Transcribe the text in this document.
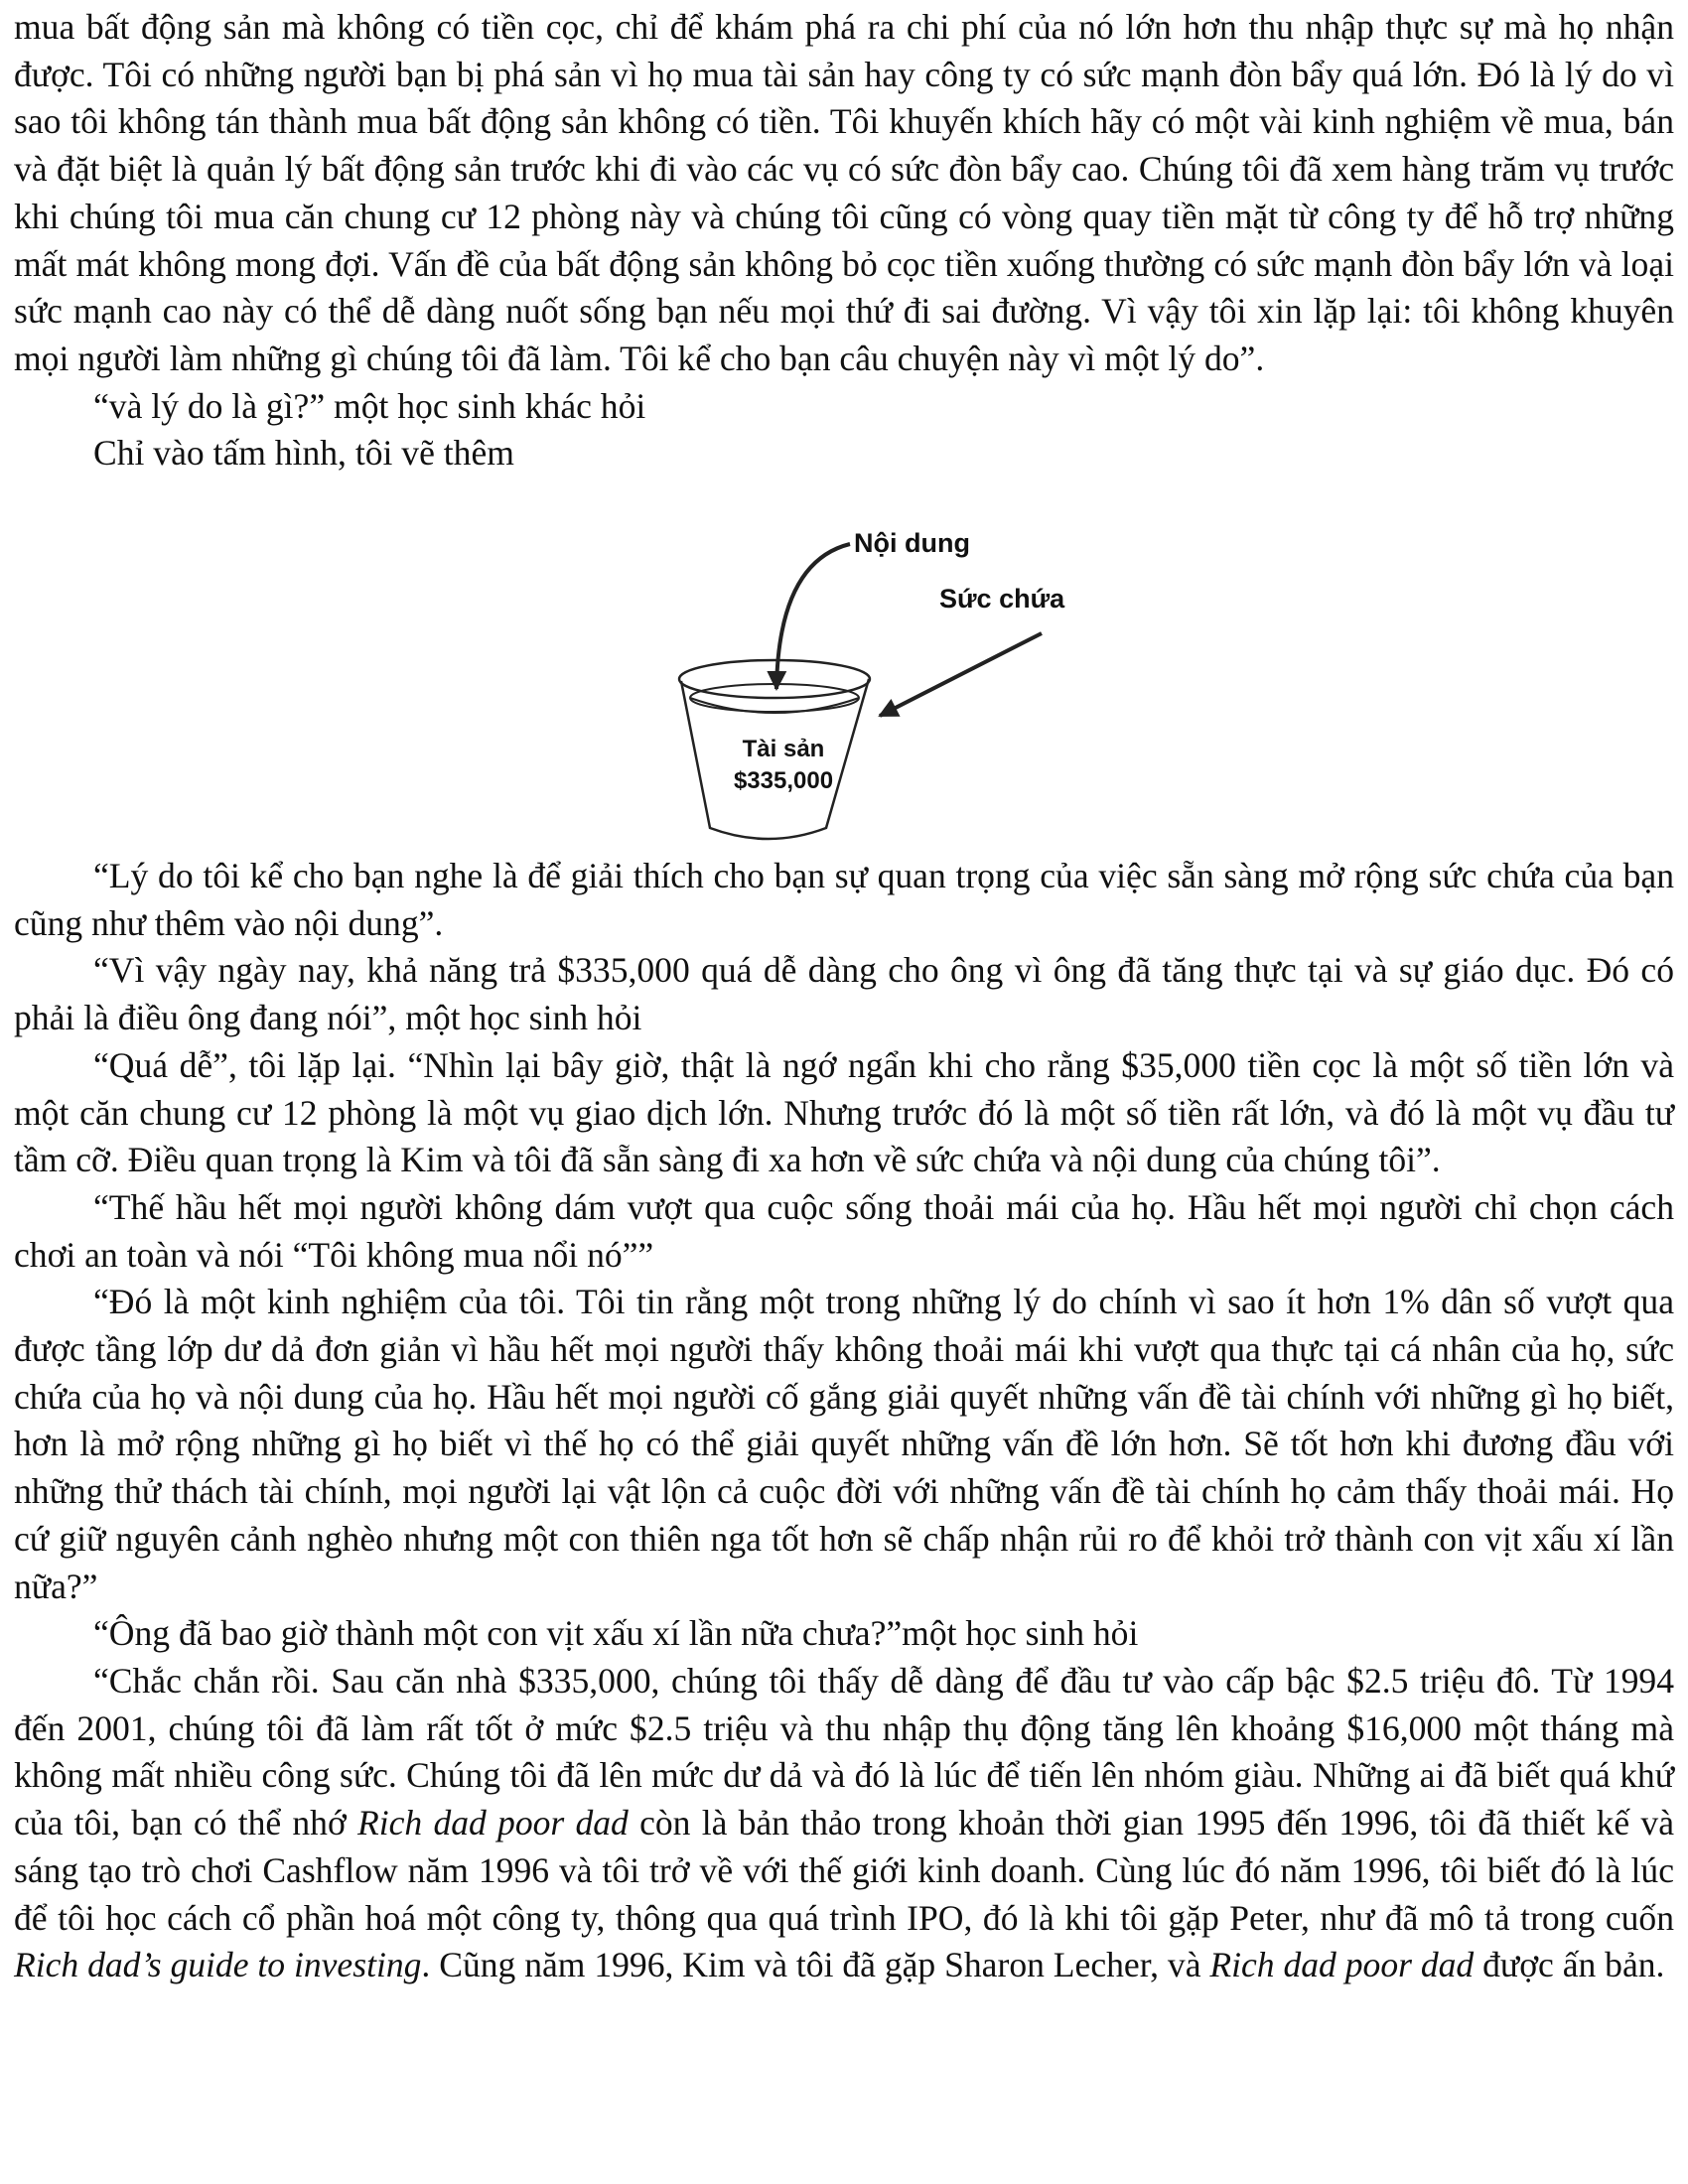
mua bất động sản mà không có tiền cọc, chỉ để khám phá ra chi phí của nó lớn hơn thu nhập thực sự mà họ nhận được. Tôi có những người bạn bị phá sản vì họ mua tài sản hay công ty có sức mạnh đòn bẩy quá lớn. Đó là lý do vì sao tôi không tán thành mua bất động sản không có tiền. Tôi khuyến khích hãy có một vài kinh nghiệm về mua, bán và đặt biệt là quản lý bất động sản trước khi đi vào các vụ có sức đòn bẩy cao. Chúng tôi đã xem hàng trăm vụ trước khi chúng tôi mua căn chung cư 12 phòng này và chúng tôi cũng có vòng quay tiền mặt từ công ty để hỗ trợ những mất mát không mong đợi. Vấn đề của bất động sản không bỏ cọc tiền xuống thường có sức mạnh đòn bẩy lớn và loại sức mạnh cao này có thể dễ dàng nuốt sống bạn nếu mọi thứ đi sai đường. Vì vậy tôi xin lặp lại: tôi không khuyên mọi người làm những gì chúng tôi đã làm. Tôi kể cho bạn câu chuyện này vì một lý do”.

“và lý do là gì?” một học sinh khác hỏi

Chỉ vào tấm hình, tôi vẽ thêm

Nội dung
Sức chứa
Tài sản
$335,000

“Lý do tôi kể cho bạn nghe là để giải thích cho bạn sự quan trọng của việc sẵn sàng mở rộng sức chứa của bạn cũng như thêm vào nội dung”.

“Vì vậy ngày nay, khả năng trả $335,000 quá dễ dàng cho ông vì ông đã tăng thực tại và sự giáo dục. Đó có phải là điều ông đang nói”, một học sinh hỏi

“Quá dễ”, tôi lặp lại. “Nhìn lại bây giờ, thật là ngớ ngẩn khi cho rằng $35,000 tiền cọc là một số tiền lớn và một căn chung cư 12 phòng là một vụ giao dịch lớn. Nhưng trước đó là một số tiền rất lớn, và đó là một vụ đầu tư tầm cỡ. Điều quan trọng là Kim và tôi đã sẵn sàng đi xa hơn về sức chứa và nội dung của chúng tôi”.

“Thế hầu hết mọi người không dám vượt qua cuộc sống thoải mái của họ. Hầu hết mọi người chỉ chọn cách chơi an toàn và nói “Tôi không mua nổi nó””

“Đó là một kinh nghiệm của tôi. Tôi tin rằng một trong những lý do chính vì sao ít hơn 1% dân số vượt qua được tầng lớp dư dả đơn giản vì hầu hết mọi người thấy không thoải mái khi vượt qua thực tại cá nhân của họ, sức chứa của họ và nội dung của họ. Hầu hết mọi người cố gắng giải quyết những vấn đề tài chính với những gì họ biết, hơn là mở rộng những gì họ biết vì thế họ có thể giải quyết những vấn đề lớn hơn. Sẽ tốt hơn khi đương đầu với những thử thách tài chính, mọi người lại vật lộn cả cuộc đời với những vấn đề tài chính họ cảm thấy thoải mái. Họ cứ giữ nguyên cảnh nghèo nhưng một con thiên nga tốt hơn sẽ chấp nhận rủi ro để khỏi trở thành con vịt xấu xí lần nữa?”

“Ông đã bao giờ thành một con vịt xấu xí lần nữa chưa?”một học sinh hỏi

“Chắc chắn rồi. Sau căn nhà $335,000, chúng tôi thấy dễ dàng để đầu tư vào cấp bậc $2.5 triệu đô. Từ 1994 đến 2001, chúng tôi đã làm rất tốt ở mức $2.5 triệu và thu nhập thụ động tăng lên khoảng $16,000 một tháng mà không mất nhiều công sức. Chúng tôi đã lên mức dư dả và đó là lúc để tiến lên nhóm giàu. Những ai đã biết quá khứ của tôi, bạn có thể nhớ Rich dad poor dad còn là bản thảo trong khoản thời gian 1995 đến 1996, tôi đã thiết kế và sáng tạo trò chơi Cashflow năm 1996 và tôi trở về với thế giới kinh doanh. Cùng lúc đó năm 1996, tôi biết đó là lúc để tôi học cách cổ phần hoá một công ty, thông qua quá trình IPO, đó là khi tôi gặp Peter, như đã mô tả trong cuốn Rich dad’s guide to investing. Cũng năm 1996, Kim và tôi đã gặp Sharon Lecher, và Rich dad poor dad được ấn bản.
